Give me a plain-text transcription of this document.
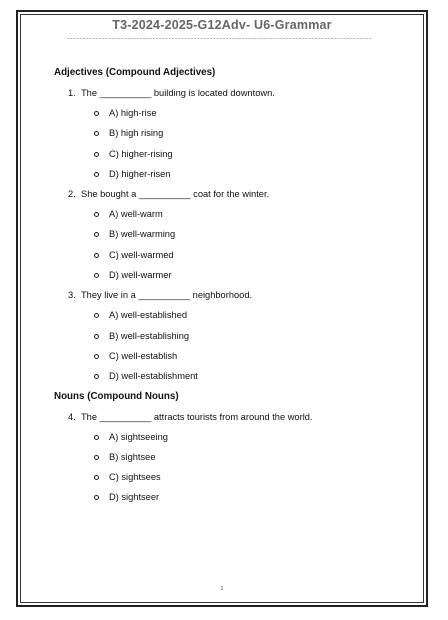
T3-2024-2025-G12Adv- U6-Grammar
------------------------------------------------------------------------------------------------
Adjectives (Compound Adjectives)
1. The __________ building is located downtown.
A) high-rise
B) high rising
C) higher-rising
D) higher-risen
2. She bought a __________ coat for the winter.
A) well-warm
B) well-warming
C) well-warmed
D) well-warmer
3. They live in a __________ neighborhood.
A) well-established
B) well-establishing
C) well-establish
D) well-establishment
Nouns (Compound Nouns)
4. The __________ attracts tourists from around the world.
A) sightseeing
B) sightsee
C) sightsees
D) sightseer
1
